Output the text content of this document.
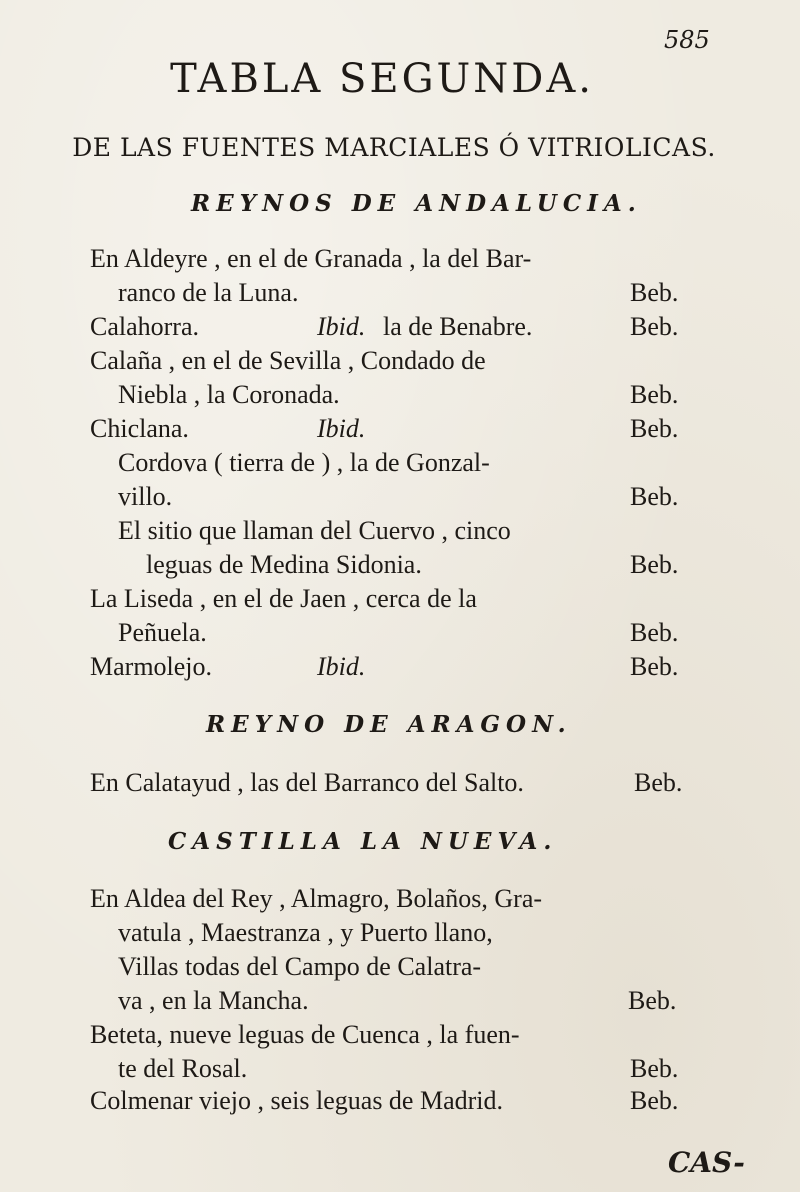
585
TABLA SEGUNDA.
DE LAS FUENTES MARCIALES Ó VITRIOLICAS.
REYNOS DE ANDALUCIA.
En Aldeyre , en el de Granada , la del Bar-
ranco de la Luna.	Beb.
Calahorra.	Ibid. la de Benabre.	Beb.
Calaña , en el de Sevilla , Condado de
Niebla , la Coronada.	Beb.
Chiclana.	Ibid.	Beb.
Cordova ( tierra de ) , la de Gonzal-
villo.	Beb.
El sitio que llaman del Cuervo , cinco
leguas de Medina Sidonia.	Beb.
La Liseda , en el de Jaen , cerca de la
Peñuela.	Beb.
Marmolejo.	Ibid.	Beb.
REYNO DE ARAGON.
En Calatayud , las del Barranco del Salto.	Beb.
CASTILLA LA NUEVA.
En Aldea del Rey , Almagro, Bolaños, Gra-
vatula , Maestranza , y Puerto llano,
Villas todas del Campo de Calatra-
va , en la Mancha.	Beb.
Beteta, nueve leguas de Cuenca , la fuen-
te del Rosal.	Beb.
Colmenar viejo , seis leguas de Madrid.	Beb.
CAS-
